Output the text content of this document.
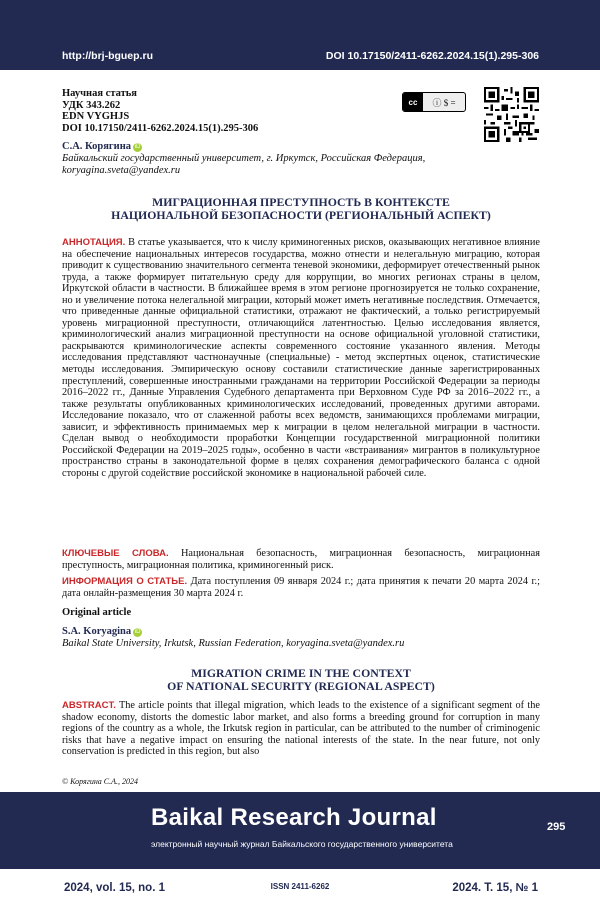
http://brj-bguep.ru	DOI 10.17150/2411-6262.2024.15(1).295-306
Научная статья
УДК 343.262
EDN VYGHJS
DOI 10.17150/2411-6262.2024.15(1).295-306
cc	ⓘ $ =
С.А. Корягина iD
Байкальский государственный университет, г. Иркутск, Российская Федерация,
koryagina.sveta@yandex.ru
МИГРАЦИОННАЯ ПРЕСТУПНОСТЬ В КОНТЕКСТЕ
НАЦИОНАЛЬНОЙ БЕЗОПАСНОСТИ (РЕГИОНАЛЬНЫЙ АСПЕКТ)
АННОТАЦИЯ. В статье указывается, что к числу криминогенных рисков, оказывающих негативное влияние на обеспечение национальных интересов государства, можно отнести и нелегальную миграцию, которая приводит к существованию значительного сегмента теневой экономики, деформирует отечественный рынок труда, а также формирует питательную среду для коррупции, во многих регионах страны в целом, Иркутской области в частности. В ближайшее время в этом регионе прогнозируется не только сохранение, но и увеличение потока нелегальной миграции, который может иметь негативные последствия. Отмечается, что приведенные данные официальной статистики, отражают не фактический, а только регистрируемый уровень миграционной преступности, отличающийся латентностью. Целью исследования является, криминологический анализ миграционной преступности на основе официальной уголовной статистики, раскрываются криминологические аспекты современного состояние указанного явления. Методы исследования представляют частнонаучные (специальные) - метод экспертных оценок, статистические методы исследования. Эмпирическую основу составили статистические данные зарегистрированных преступлений, совершенные иностранными гражданами на территории Российской Федерации за периоды 2016–2022 гг., Данные Управления Судебного департамента при Верховном Суде РФ за 2016–2022 гг., а также результаты опубликованных криминологических исследований, проведенных другими авторами. Исследование показало, что от слаженной работы всех ведомств, занимающихся проблемами миграции, зависит, и эффективность принимаемых мер к миграции в целом нелегальной миграции в частности. Сделан вывод о необходимости проработки Концепции государственной миграционной политики Российской Федерации на 2019–2025 годы», особенно в части «встраивания» мигрантов в поликультурное пространство страны в законодательной форме в целях сохранения демографического баланса с одной стороны с другой содействие российской экономике в национальной рабочей силе.
КЛЮЧЕВЫЕ СЛОВА. Национальная безопасность, миграционная безопасность, миграционная преступность, миграционная политика, криминогенный риск.
ИНФОРМАЦИЯ О СТАТЬЕ. Дата поступления 09 января 2024 г.; дата принятия к печати 20 марта 2024 г.; дата онлайн-размещения 30 марта 2024 г.
Original article
S.A. Koryagina iD
Baikal State University, Irkutsk, Russian Federation, koryagina.sveta@yandex.ru
MIGRATION CRIME IN THE CONTEXT
OF NATIONAL SECURITY (REGIONAL ASPECT)
ABSTRACT. The article points that illegal migration, which leads to the existence of a significant segment of the shadow economy, distorts the domestic labor market, and also forms a breeding ground for corruption in many regions of the country as a whole, the Irkutsk region in particular, can be attributed to the number of criminogenic risks that have a negative impact on ensuring the national interests of the state. In the near future, not only conservation is predicted in this region, but also
© Корягина С.А., 2024
Baikal Research Journal
электронный научный журнал Байкальского государственного университета
295
2024, vol. 15, no. 1	ISSN 2411-6262	2024. Т. 15, № 1
